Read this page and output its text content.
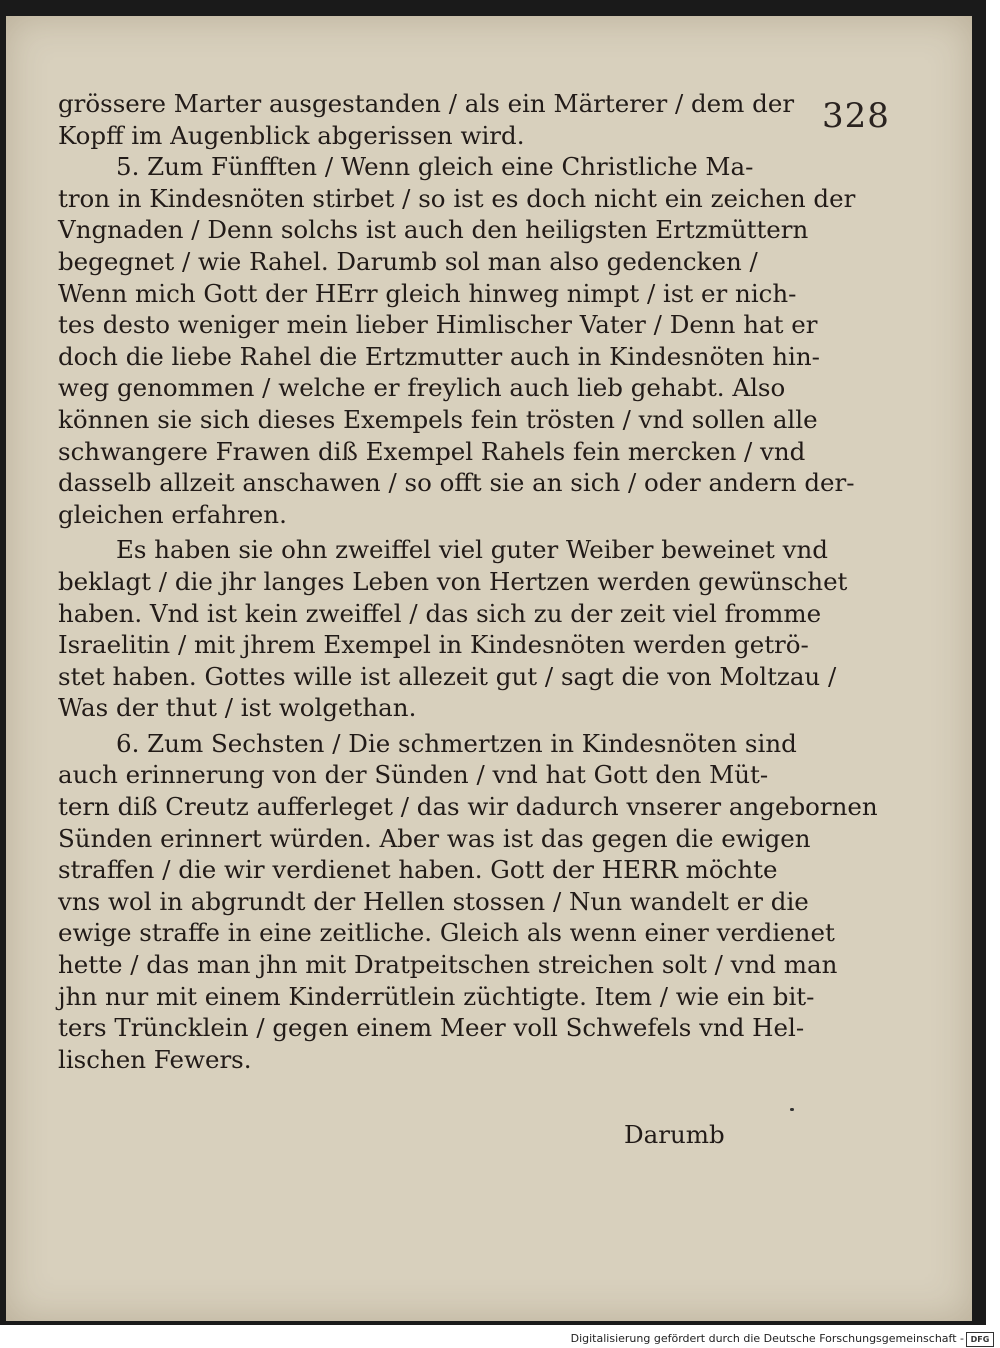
328
grössere Marter ausgestanden / als ein Märterer / dem der
Kopff im Augenblick abgerissen wird.
5. Zum Fünfften / Wenn gleich eine Christliche Ma-
tron in Kindesnöten stirbet / so ist es doch nicht ein zeichen der
Vngnaden / Denn solchs ist auch den heiligsten Ertzmüttern
begegnet / wie Rahel. Darumb sol man also gedencken /
Wenn mich Gott der HErr gleich hinweg nimpt / ist er nich-
tes desto weniger mein lieber Himlischer Vater / Denn hat er
doch die liebe Rahel die Ertzmutter auch in Kindesnöten hin-
weg genommen / welche er freylich auch lieb gehabt. Also
können sie sich dieses Exempels fein trösten / vnd sollen alle
schwangere Frawen diß Exempel Rahels fein mercken / vnd
dasselb allzeit anschawen / so offt sie an sich / oder andern der-
gleichen erfahren.
Es haben sie ohn zweiffel viel guter Weiber beweinet vnd
beklagt / die jhr langes Leben von Hertzen werden gewünschet
haben. Vnd ist kein zweiffel / das sich zu der zeit viel fromme
Israelitin / mit jhrem Exempel in Kindesnöten werden getrö-
stet haben. Gottes wille ist allezeit gut / sagt die von Moltzau /
Was der thut / ist wolgethan.
6. Zum Sechsten / Die schmertzen in Kindesnöten sind
auch erinnerung von der Sünden / vnd hat Gott den Müt-
tern diß Creutz aufferleget / das wir dadurch vnserer angebornen
Sünden erinnert würden. Aber was ist das gegen die ewigen
straffen / die wir verdienet haben. Gott der HERR möchte
vns wol in abgrundt der Hellen stossen / Nun wandelt er die
ewige straffe in eine zeitliche. Gleich als wenn einer verdienet
hette / das man jhn mit Dratpeitschen streichen solt / vnd man
jhn nur mit einem Kinderrütlein züchtigte. Item / wie ein bit-
ters Trüncklein / gegen einem Meer voll Schwefels vnd Hel-
lischen Fewers.
Darumb
Digitalisierung gefördert durch die Deutsche Forschungsgemeinschaft - DFG
